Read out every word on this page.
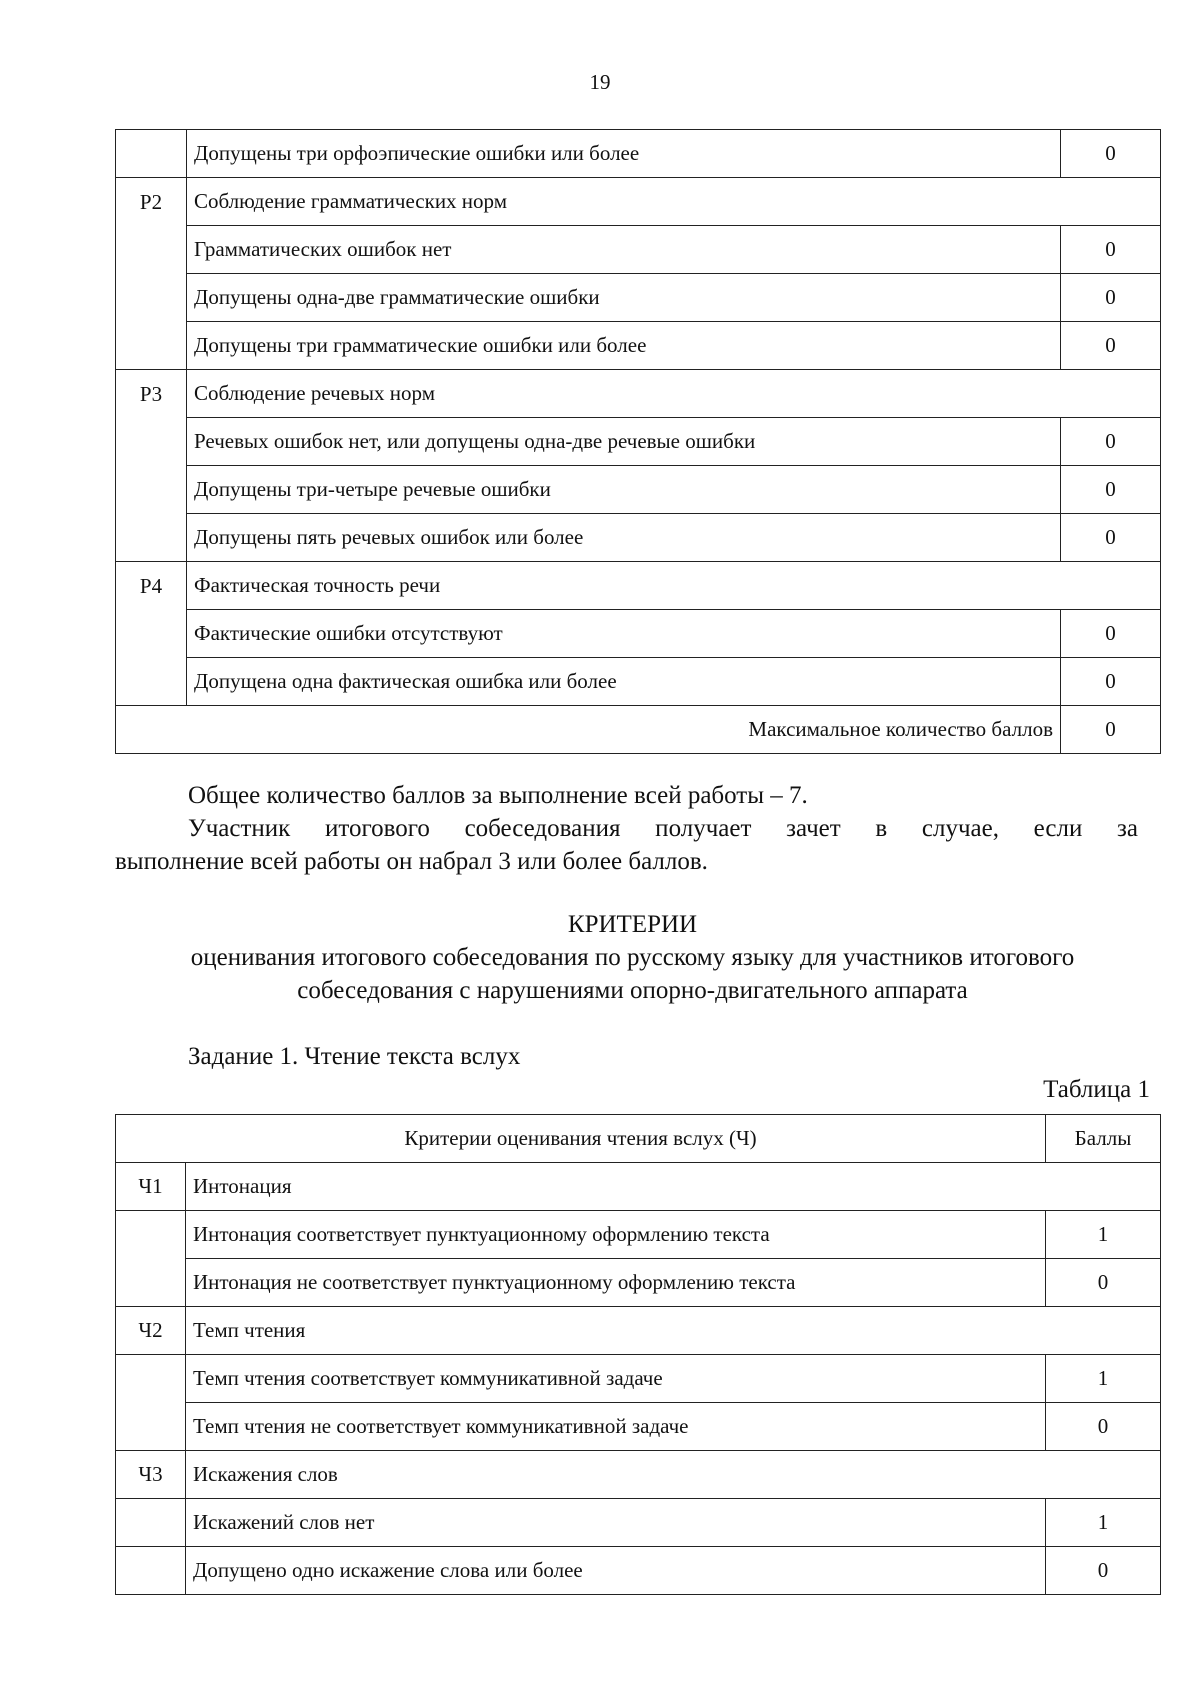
19
	Допущены три орфоэпические ошибки или более	0
Р2	Соблюдение грамматических норм	
	Грамматических ошибок нет	0
	Допущены одна-две грамматические ошибки	0
	Допущены три грамматические ошибки или более	0
Р3	Соблюдение речевых норм	
	Речевых ошибок нет, или допущены одна-две речевые ошибки	0
	Допущены три-четыре речевые ошибки	0
	Допущены пять речевых ошибок или более	0
Р4	Фактическая точность речи	
	Фактические ошибки отсутствуют	0
	Допущена одна фактическая ошибка или более	0
Максимальное количество баллов		0
Общее количество баллов за выполнение всей работы – 7.
Участник итогового собеседования получает зачет в случае, если за
выполнение всей работы он набрал 3 или более баллов.
КРИТЕРИИ
оценивания итогового собеседования по русскому языку для участников итогового
собеседования с нарушениями опорно-двигательного аппарата
Задание 1. Чтение текста вслух
Таблица 1
Критерии оценивания чтения вслух (Ч)		Баллы
Ч1	Интонация	
	Интонация соответствует пунктуационному оформлению текста	1
	Интонация не соответствует пунктуационному оформлению текста	0
Ч2	Темп чтения	
	Темп чтения соответствует коммуникативной задаче	1
	Темп чтения не соответствует коммуникативной задаче	0
Ч3	Искажения слов	
	Искажений слов нет	1
	Допущено одно искажение слова или более	0
